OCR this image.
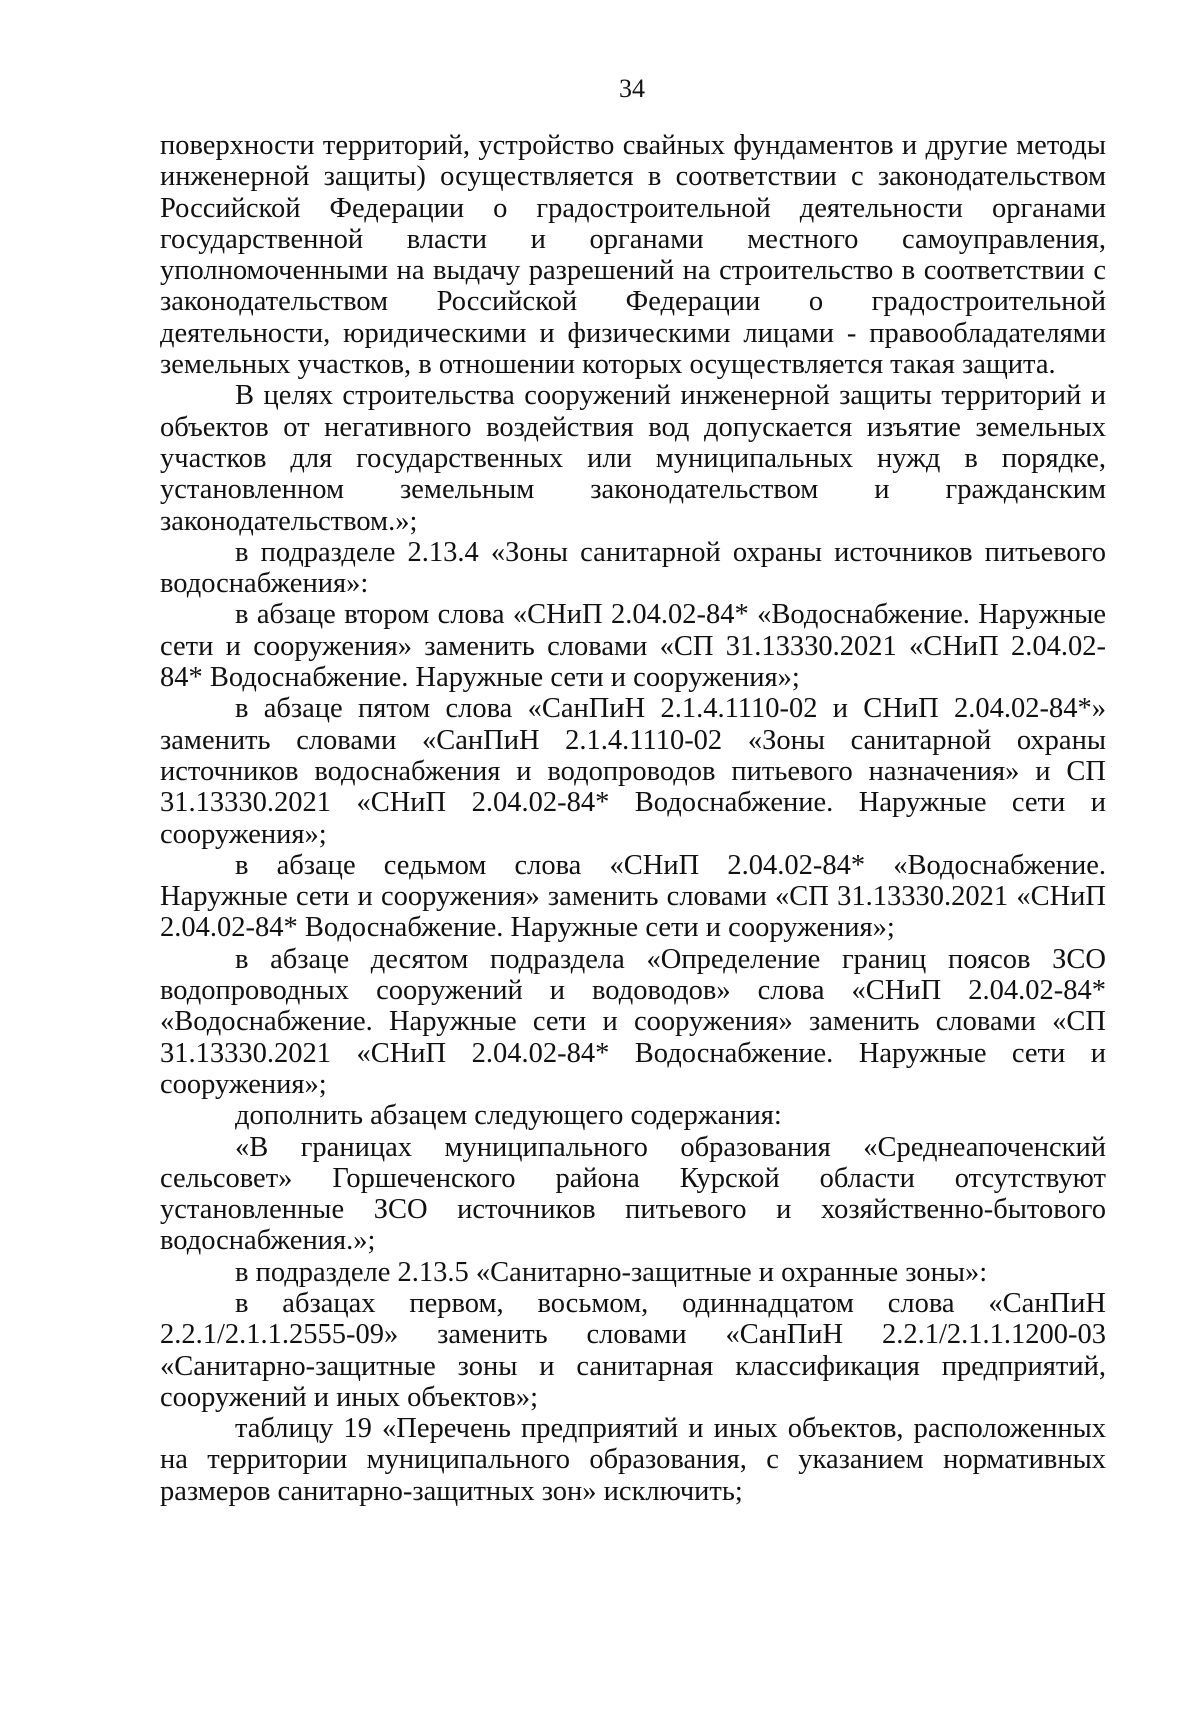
34

поверхности территорий, устройство свайных фундаментов и другие методы инженерной защиты) осуществляется в соответствии с законодательством Российской Федерации о градостроительной деятельности органами государственной власти и органами местного самоуправления, уполномоченными на выдачу разрешений на строительство в соответствии с законодательством Российской Федерации о градостроительной деятельности, юридическими и физическими лицами - правообладателями земельных участков, в отношении которых осуществляется такая защита.

В целях строительства сооружений инженерной защиты территорий и объектов от негативного воздействия вод допускается изъятие земельных участков для государственных или муниципальных нужд в порядке, установленном земельным законодательством и гражданским законодательством.»;

в подразделе 2.13.4 «Зоны санитарной охраны источников питьевого водоснабжения»:

в абзаце втором слова «СНиП 2.04.02-84* «Водоснабжение. Наружные сети и сооружения» заменить словами «СП 31.13330.2021 «СНиП 2.04.02-84* Водоснабжение. Наружные сети и сооружения»;

в абзаце пятом слова «СанПиН 2.1.4.1110-02 и СНиП 2.04.02-84*» заменить словами «СанПиН 2.1.4.1110-02 «Зоны санитарной охраны источников водоснабжения и водопроводов питьевого назначения» и СП 31.13330.2021 «СНиП 2.04.02-84* Водоснабжение. Наружные сети и сооружения»;

в абзаце седьмом слова «СНиП 2.04.02-84* «Водоснабжение. Наружные сети и сооружения» заменить словами «СП 31.13330.2021 «СНиП 2.04.02-84* Водоснабжение. Наружные сети и сооружения»;

в абзаце десятом подраздела «Определение границ поясов ЗСО водопроводных сооружений и водоводов» слова «СНиП 2.04.02-84* «Водоснабжение. Наружные сети и сооружения» заменить словами «СП 31.13330.2021 «СНиП 2.04.02-84* Водоснабжение. Наружные сети и сооружения»;

дополнить абзацем следующего содержания:

«В границах муниципального образования «Среднеапоченский сельсовет» Горшеченского района Курской области отсутствуют установленные ЗСО источников питьевого и хозяйственно-бытового водоснабжения.»;

в подразделе 2.13.5 «Санитарно-защитные и охранные зоны»:

в абзацах первом, восьмом, одиннадцатом слова «СанПиН 2.2.1/2.1.1.2555-09» заменить словами «СанПиН 2.2.1/2.1.1.1200-03 «Санитарно-защитные зоны и санитарная классификация предприятий, сооружений и иных объектов»;

таблицу 19 «Перечень предприятий и иных объектов, расположенных на территории муниципального образования, с указанием нормативных размеров санитарно-защитных зон» исключить;
